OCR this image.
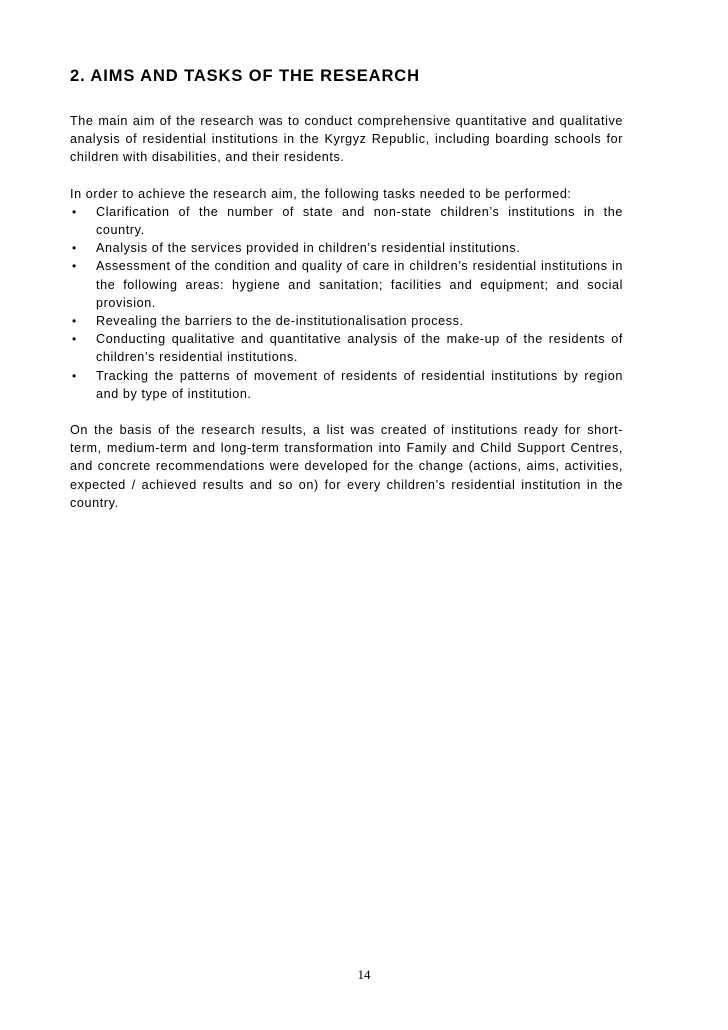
2. AIMS AND TASKS OF THE RESEARCH

The main aim of the research was to conduct comprehensive quantitative and qualitative analysis of residential institutions in the Kyrgyz Republic, including boarding schools for children with disabilities, and their residents.

In order to achieve the research aim, the following tasks needed to be performed:

• Clarification of the number of state and non-state children’s institutions in the country.
• Analysis of the services provided in children’s residential institutions.
• Assessment of the condition and quality of care in children’s residential institutions in the following areas: hygiene and sanitation; facilities and equipment; and social provision.
• Revealing the barriers to the de-institutionalisation process.
• Conducting qualitative and quantitative analysis of the make-up of the residents of children’s residential institutions.
• Tracking the patterns of movement of residents of residential institutions by region and by type of institution.

On the basis of the research results, a list was created of institutions ready for short-term, medium-term and long-term transformation into Family and Child Support Centres, and concrete recommendations were developed for the change (actions, aims, activities, expected / achieved results and so on) for every children’s residential institution in the country.

14
